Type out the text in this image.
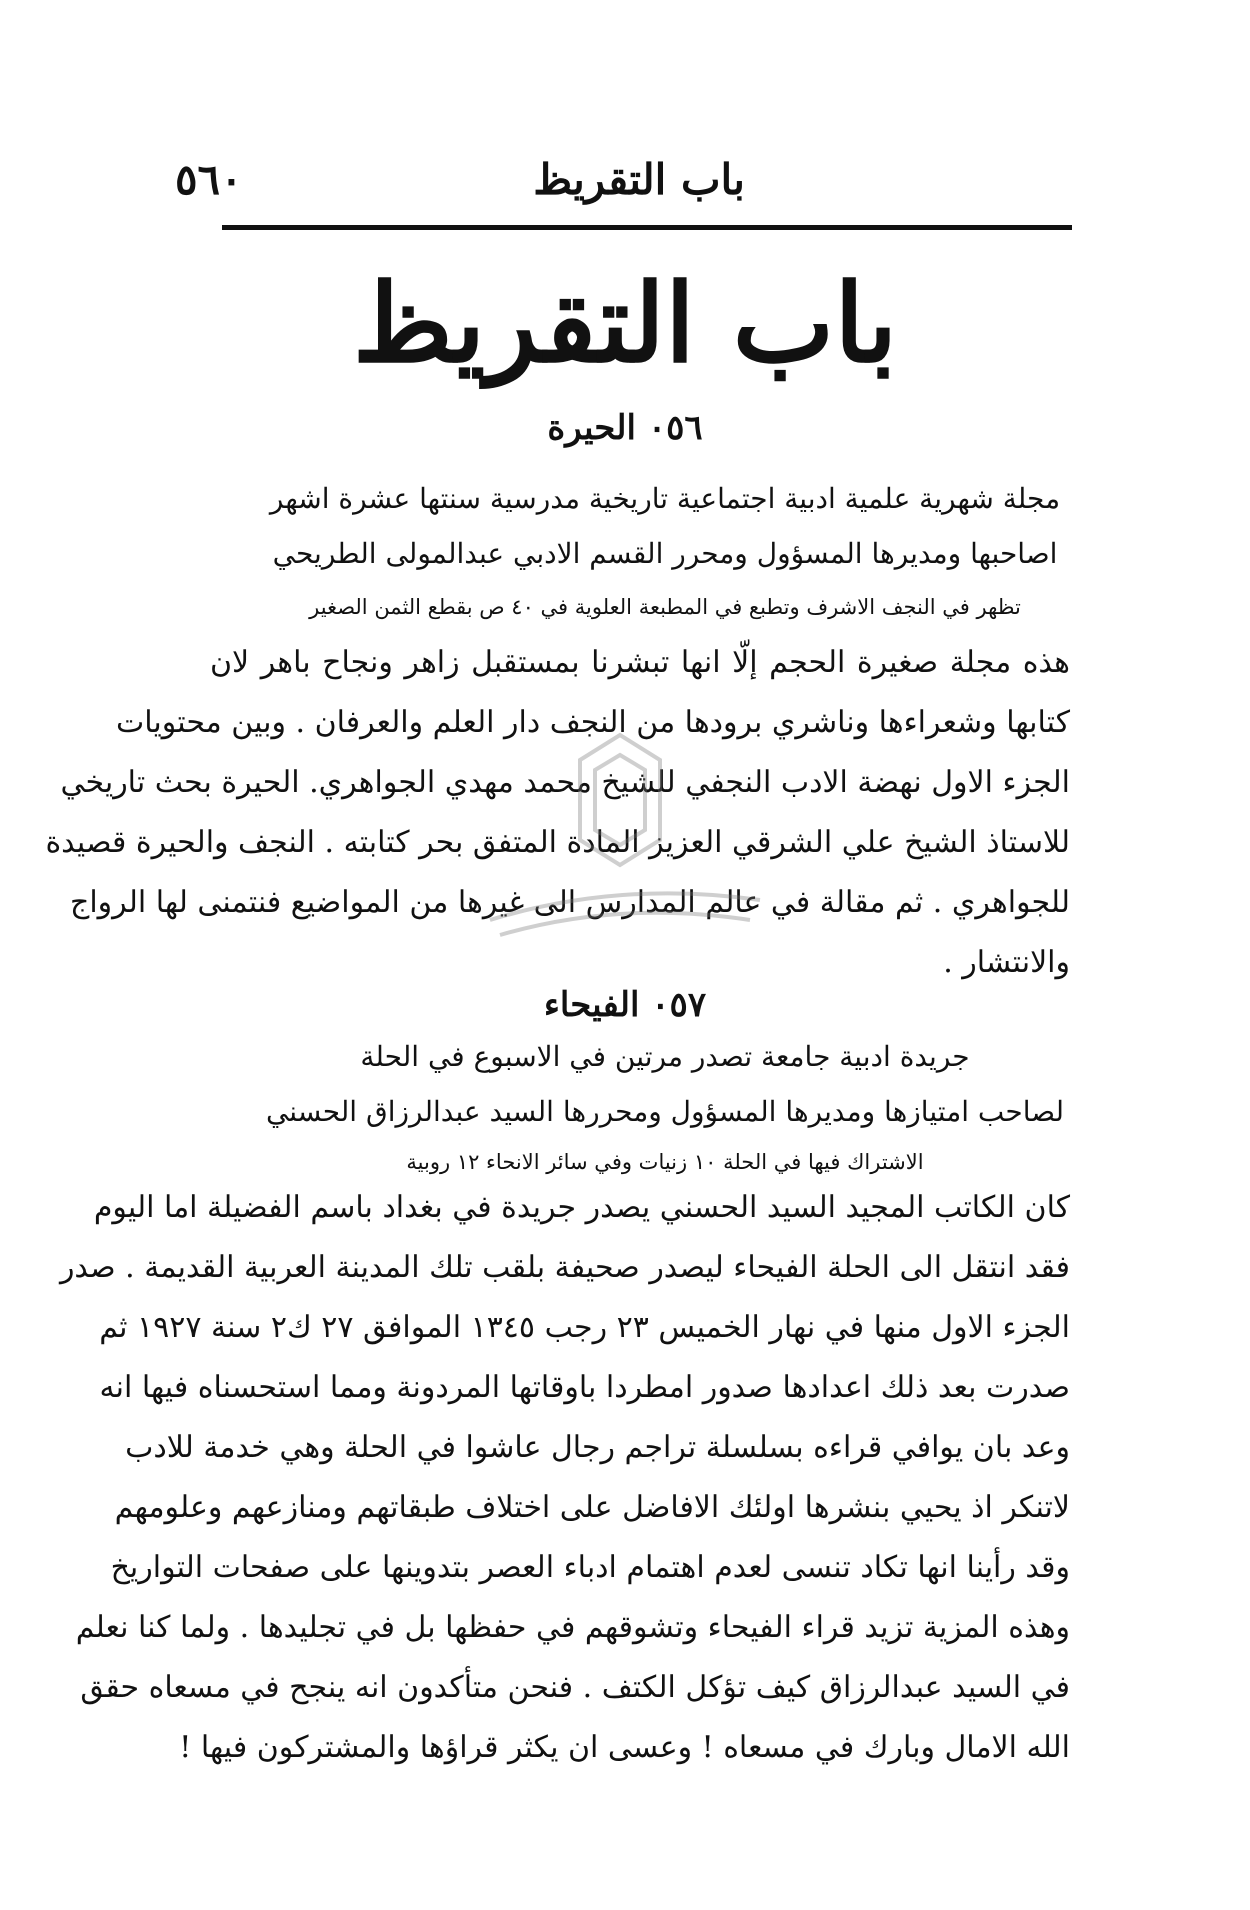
باب التقريظ
٥٦٠
باب التقريظ
٠٥٦ الحيرة
مجلة شهرية علمية ادبية اجتماعية تاريخية مدرسية سنتها عشرة اشهر
اصاحبها ومديرها المسؤول ومحرر القسم الادبي عبدالمولى الطريحي
تظهر في النجف الاشرف وتطبع في المطبعة العلوية في ٤٠ ص بقطع الثمن الصغير
هذه مجلة صغيرة الحجم إلّا انها تبشرنا بمستقبل زاهر ونجاح باهر لان
كتابها وشعراءها وناشري برودها من النجف دار العلم والعرفان . وبين محتويات
الجزء الاول نهضة الادب النجفي للشيخ محمد مهدي الجواهري. الحيرة بحث تاريخي
للاستاذ الشيخ علي الشرقي العزيز المادة المتفق بحر كتابته . النجف والحيرة قصيدة
للجواهري . ثم مقالة في عالم المدارس الى غيرها من المواضيع فنتمنى لها الرواج
والانتشار .
٠٥٧ الفيحاء
جريدة ادبية جامعة تصدر مرتين في الاسبوع في الحلة
لصاحب امتيازها ومديرها المسؤول ومحررها السيد عبدالرزاق الحسني
الاشتراك فيها في الحلة ١٠ زنيات وفي سائر الانحاء ١٢ روبية
كان الكاتب المجيد السيد الحسني يصدر جريدة في بغداد باسم الفضيلة اما اليوم
فقد انتقل الى الحلة الفيحاء ليصدر صحيفة بلقب تلك المدينة العربية القديمة . صدر
الجزء الاول منها في نهار الخميس ٢٣ رجب ١٣٤٥ الموافق ٢٧ ك٢ سنة ١٩٢٧ ثم
صدرت بعد ذلك اعدادها صدور امطردا باوقاتها المردونة ومما استحسناه فيها انه
وعد بان يوافي قراءه بسلسلة تراجم رجال عاشوا في الحلة وهي خدمة للادب
لاتنكر اذ يحيي بنشرها اولئك الافاضل على اختلاف طبقاتهم ومنازعهم وعلومهم
وقد رأينا انها تكاد تنسى لعدم اهتمام ادباء العصر بتدوينها على صفحات التواريخ
وهذه المزية تزيد قراء الفيحاء وتشوقهم في حفظها بل في تجليدها . ولما كنا نعلم
في السيد عبدالرزاق كيف تؤكل الكتف . فنحن متأكدون انه ينجح في مسعاه حقق
الله الامال وبارك في مسعاه ! وعسى ان يكثر قراؤها والمشتركون فيها !
